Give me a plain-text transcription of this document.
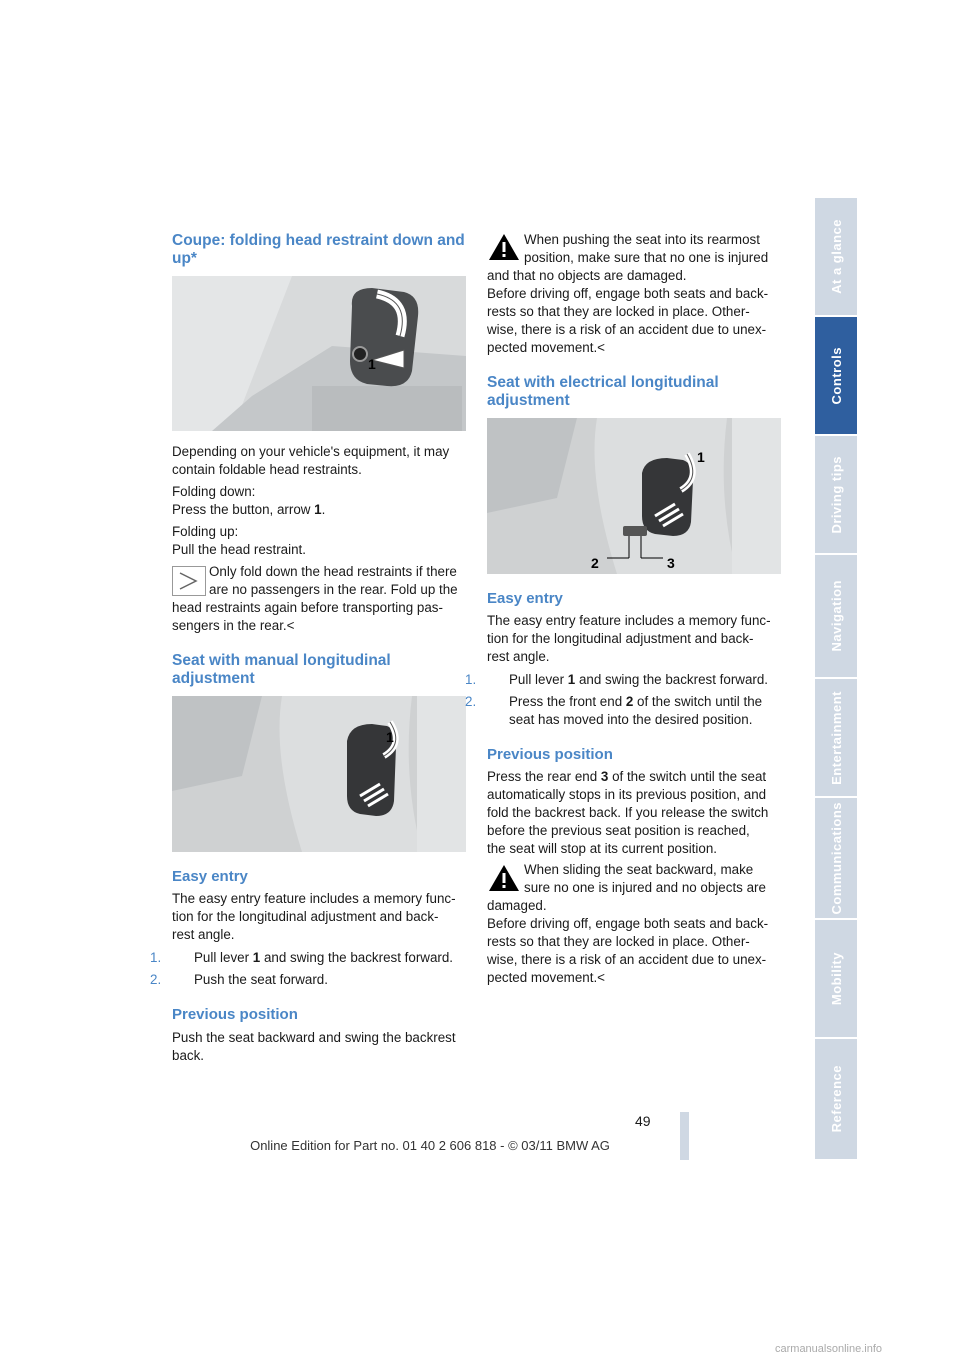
Coupe: folding head restraint down and
up*
1
Depending on your vehicle's equipment, it may
contain foldable head restraints.
Folding down:
Press the button, arrow 1.
Folding up:
Pull the head restraint.
Only fold down the head restraints if there
are no passengers in the rear. Fold up the
head restraints again before transporting pas-
sengers in the rear.<
Seat with manual longitudinal
adjustment
1
Easy entry
The easy entry feature includes a memory func-
tion for the longitudinal adjustment and back-
rest angle.
1. Pull lever 1 and swing the backrest forward.
2. Push the seat forward.
Previous position
Push the seat backward and swing the backrest
back.
When pushing the seat into its rearmost
position, make sure that no one is injured
and that no objects are damaged.
Before driving off, engage both seats and back-
rests so that they are locked in place. Other-
wise, there is a risk of an accident due to unex-
pected movement.<
Seat with electrical longitudinal
adjustment
1
2	3
Easy entry
The easy entry feature includes a memory func-
tion for the longitudinal adjustment and back-
rest angle.
1. Pull lever 1 and swing the backrest forward.
2. Press the front end 2 of the switch until the
seat has moved into the desired position.
Previous position
Press the rear end 3 of the switch until the seat
automatically stops in its previous position, and
fold the backrest back. If you release the switch
before the previous seat position is reached,
the seat will stop at its current position.
When sliding the seat backward, make
sure no one is injured and no objects are
damaged.
Before driving off, engage both seats and back-
rests so that they are locked in place. Other-
wise, there is a risk of an accident due to unex-
pected movement.<
At a glance
Controls
Driving tips
Navigation
Entertainment
Communications
Mobility
Reference
49
Online Edition for Part no. 01 40 2 606 818 - © 03/11 BMW AG
carmanualsonline.info
